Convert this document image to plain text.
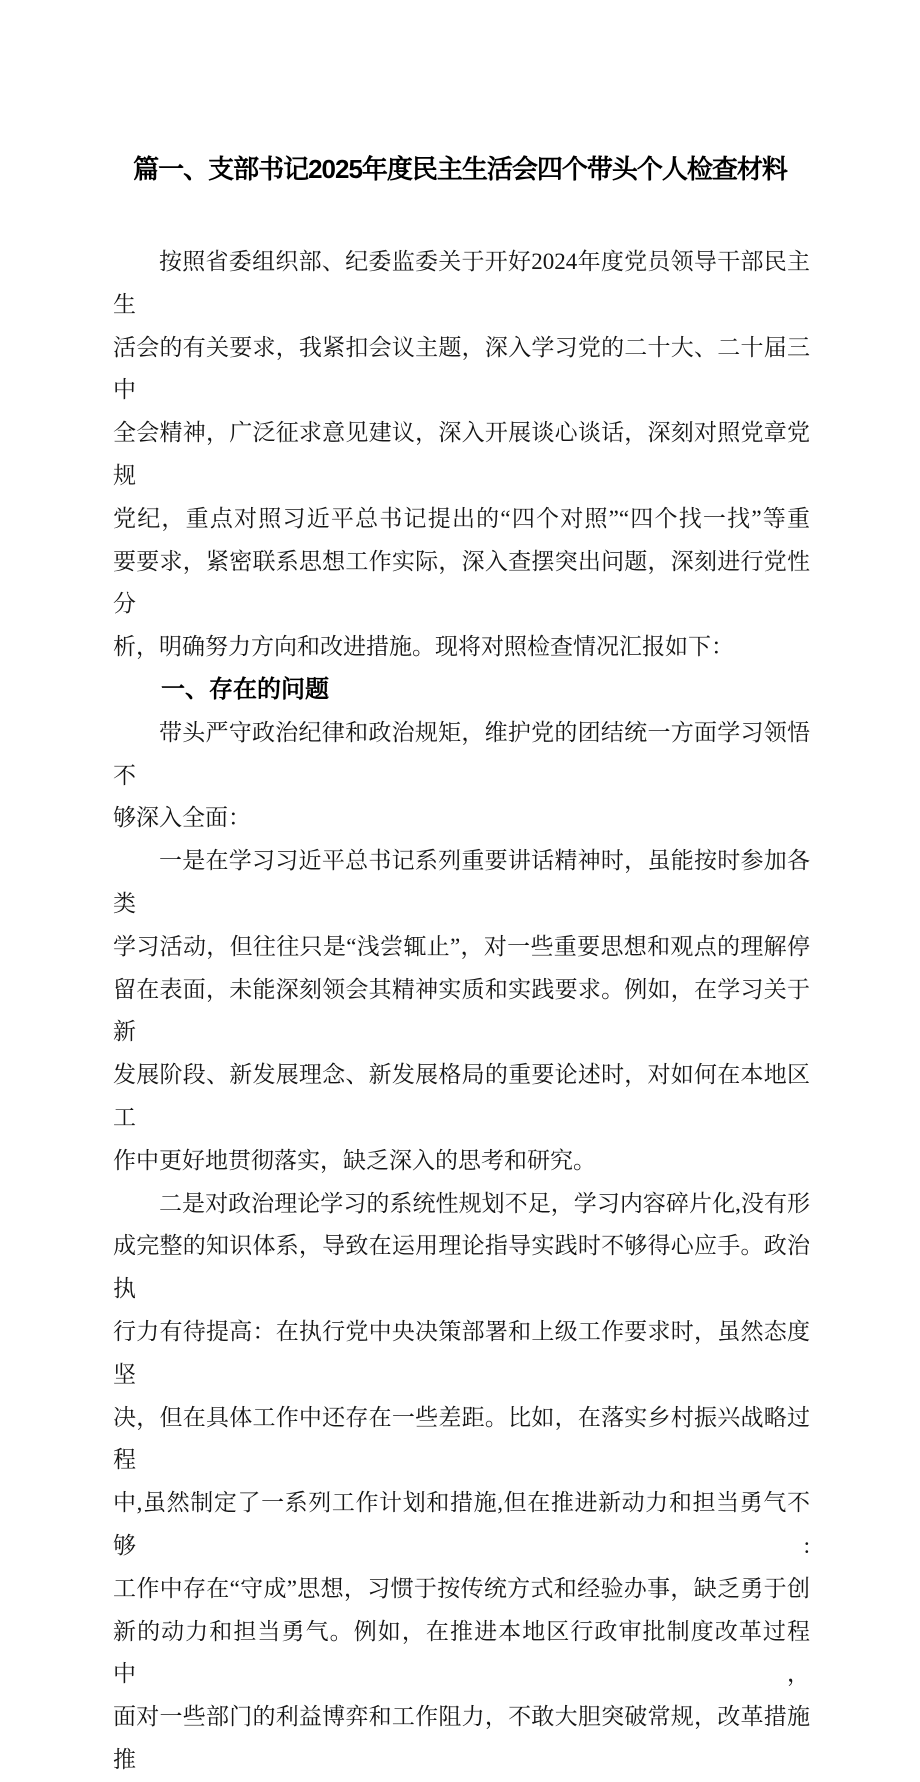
篇一、支部书记2025年度民主生活会四个带头个人检查材料
按照省委组织部、纪委监委关于开好2024年度党员领导干部民主生
活会的有关要求，我紧扣会议主题，深入学习党的二十大、二十届三中
全会精神，广泛征求意见建议，深入开展谈心谈话，深刻对照党章党规
党纪，重点对照习近平总书记提出的“四个对照”“四个找一找”等重
要要求，紧密联系思想工作实际，深入查摆突出问题，深刻进行党性分
析，明确努力方向和改进措施。现将对照检查情况汇报如下：
一、存在的问题
带头严守政治纪律和政治规矩，维护党的团结统一方面学习领悟不
够深入全面：
一是在学习习近平总书记系列重要讲话精神时，虽能按时参加各类
学习活动，但往往只是“浅尝辄止”，对一些重要思想和观点的理解停
留在表面，未能深刻领会其精神实质和实践要求。例如，在学习关于新
发展阶段、新发展理念、新发展格局的重要论述时，对如何在本地区工
作中更好地贯彻落实，缺乏深入的思考和研究。
二是对政治理论学习的系统性规划不足，学习内容碎片化,没有形
成完整的知识体系，导致在运用理论指导实践时不够得心应手。政治执
行力有待提高：在执行党中央决策部署和上级工作要求时，虽然态度坚
决，但在具体工作中还存在一些差距。比如，在落实乡村振兴战略过程
中,虽然制定了一系列工作计划和措施,但在推进新动力和担当勇气不够:
工作中存在“守成”思想，习惯于按传统方式和经验办事，缺乏勇于创
新的动力和担当勇气。例如，在推进本地区行政审批制度改革过程中，
面对一些部门的利益博弈和工作阻力，不敢大胆突破常规，改革措施推
